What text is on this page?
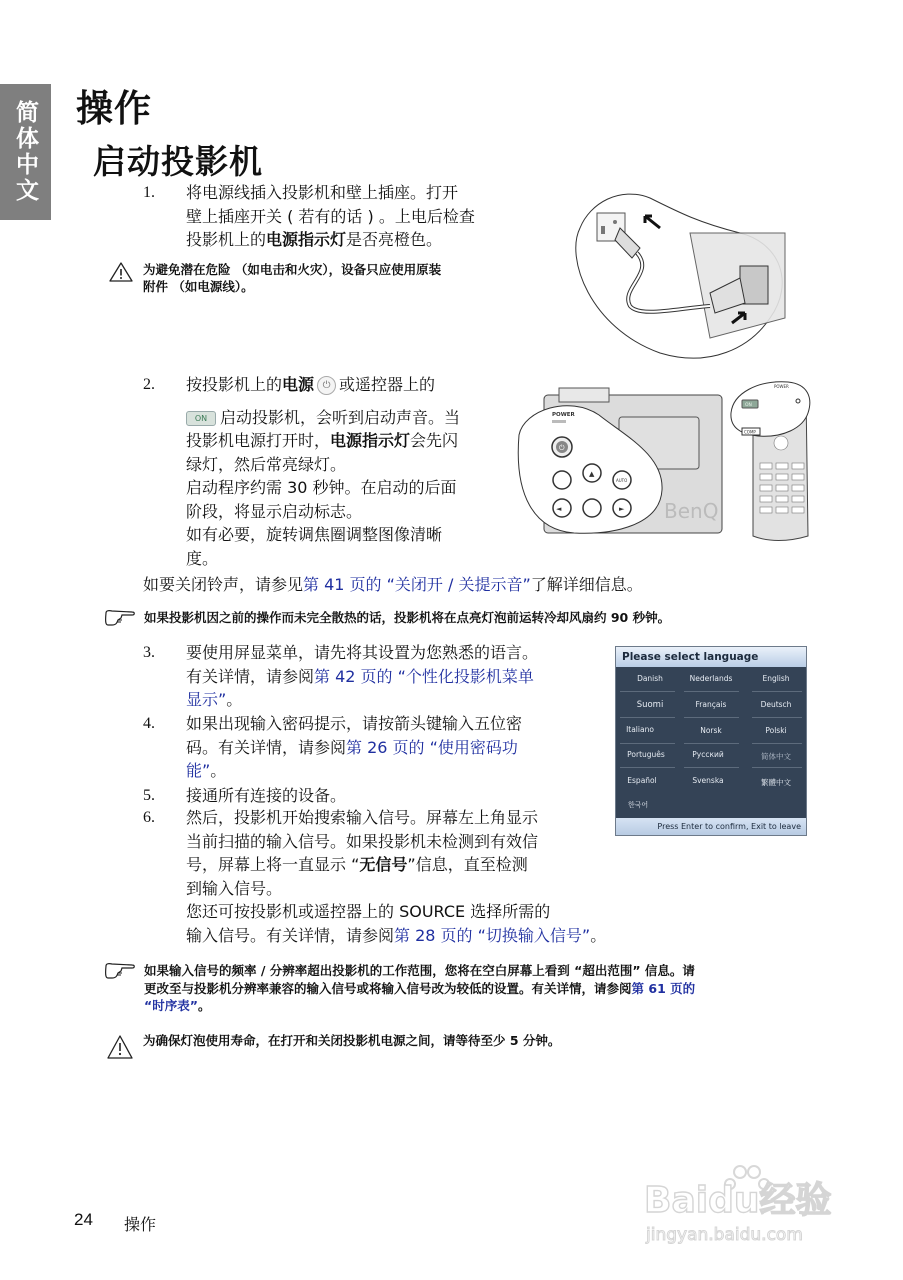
简体中文 操作
启动投影机
1. 将电源线插入投影机和壁上插座。打开

壁上插座开关 ( 若有的话 ) 。上电后检查

投影机上的电源指示灯是否亮橙色。

为避免潜在危险 （如电击和火灾），设备只应使用原装

附件 （如电源线）。

2. 按投影机上的电源 ⏻ 或遥控器上的

ON 启动投影机，会听到启动声音。当

投影机电源打开时，电源指示灯会先闪

绿灯，然后常亮绿灯。

启动程序约需 30 秒钟。在启动的后面

阶段，将显示启动标志。

如有必要，旋转调焦圈调整图像清晰

度。

BenQ
POWER
⏻
▲
AUTO
◄	►
ON
POWER
COMP
如要关闭铃声，请参见第 41 页的 “关闭开 / 关提示音”了解详细信息。

如果投影机因之前的操作而未完全散热的话，投影机将在点亮灯泡前运转冷却风扇约 90 秒钟。

3. 要使用屏显菜单，请先将其设置为您熟悉的语言。

有关详情，请参阅第 42 页的 “个性化投影机菜单

显示”。

4. 如果出现输入密码提示，请按箭头键输入五位密

码。有关详情，请参阅第 26 页的 “使用密码功

能”。

5. 接通所有连接的设备。

6. 然后，投影机开始搜索输入信号。屏幕左上角显示

当前扫描的输入信号。如果投影机未检测到有效信

号，屏幕上将一直显示 “无信号”信息，直至检测

到输入信号。

您还可按投影机或遥控器上的 SOURCE 选择所需的

输入信号。有关详情，请参阅第 28 页的 “切换输入信号”。

Please select language
Danish	Nederlands	English
Suomi	Français	Deutsch
Italiano	Norsk	Polski
Português	Русский	简体中文
Español	Svenska	繁體中文
한국어
Press Enter to confirm, Exit to leave

如果输入信号的频率 / 分辨率超出投影机的工作范围，您将在空白屏幕上看到 “超出范围” 信息。请

更改至与投影机分辨率兼容的输入信号或将输入信号改为较低的设置。有关详情，请参阅第 61 页的

“时序表”。

为确保灯泡使用寿命，在打开和关闭投影机电源之间，请等待至少 5 分钟。

24 操作
Baidu经验
jingyan.baidu.com
